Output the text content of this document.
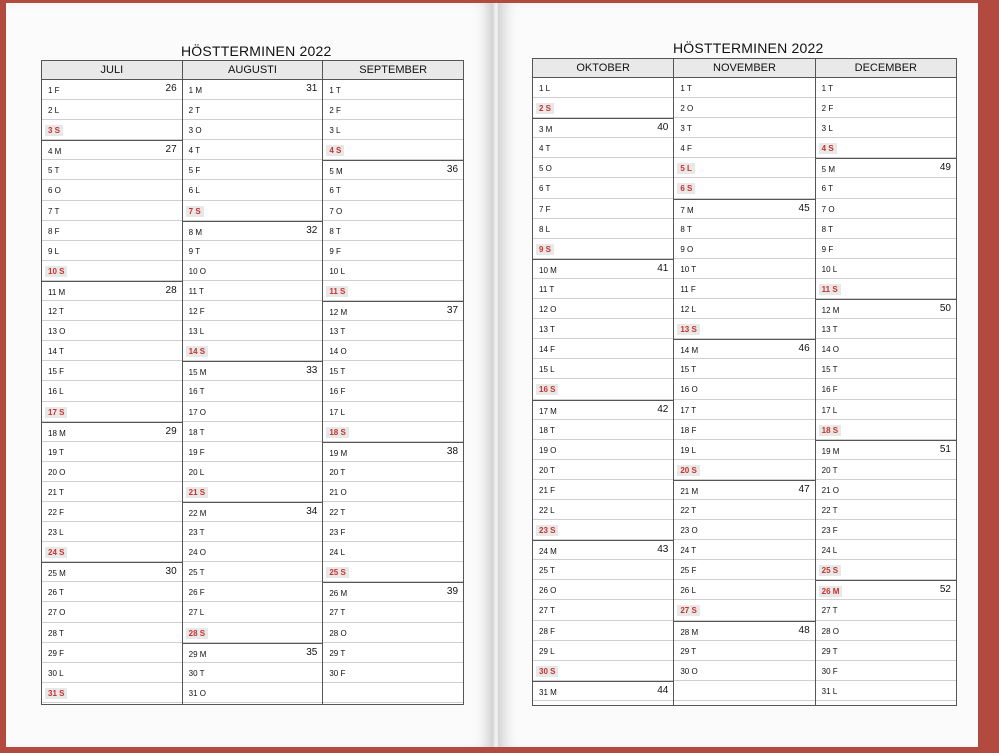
HÖSTTERMINEN 2022
JULI
1 F	26
2 L
3 S
4 M	27
5 T
6 O
7 T
8 F
9 L
10 S
11 M	28
12 T
13 O
14 T
15 F
16 L
17 S
18 M	29
19 T
20 O
21 T
22 F
23 L
24 S
25 M	30
26 T
27 O
28 T
29 F
30 L
31 S
AUGUSTI
1 M	31
2 T
3 O
4 T
5 F
6 L
7 S
8 M	32
9 T
10 O
11 T
12 F
13 L
14 S
15 M	33
16 T
17 O
18 T
19 F
20 L
21 S
22 M	34
23 T
24 O
25 T
26 F
27 L
28 S
29 M	35
30 T
31 O
SEPTEMBER
1 T
2 F
3 L
4 S
5 M	36
6 T
7 O
8 T
9 F
10 L
11 S
12 M	37
13 T
14 O
15 T
16 F
17 L
18 S
19 M	38
20 T
21 O
22 T
23 F
24 L
25 S
26 M	39
27 T
28 O
29 T
30 F
HÖSTTERMINEN 2022
OKTOBER
1 L
2 S
3 M	40
4 T
5 O
6 T
7 F
8 L
9 S
10 M	41
11 T
12 O
13 T
14 F
15 L
16 S
17 M	42
18 T
19 O
20 T
21 F
22 L
23 S
24 M	43
25 T
26 O
27 T
28 F
29 L
30 S
31 M	44
NOVEMBER
1 T
2 O
3 T
4 F
5 L
6 S
7 M	45
8 T
9 O
10 T
11 F
12 L
13 S
14 M	46
15 T
16 O
17 T
18 F
19 L
20 S
21 M	47
22 T
23 O
24 T
25 F
26 L
27 S
28 M	48
29 T
30 O
DECEMBER
1 T
2 F
3 L
4 S
5 M	49
6 T
7 O
8 T
9 F
10 L
11 S
12 M	50
13 T
14 O
15 T
16 F
17 L
18 S
19 M	51
20 T
21 O
22 T
23 F
24 L
25 S
26 M	52
27 T
28 O
29 T
30 F
31 L
